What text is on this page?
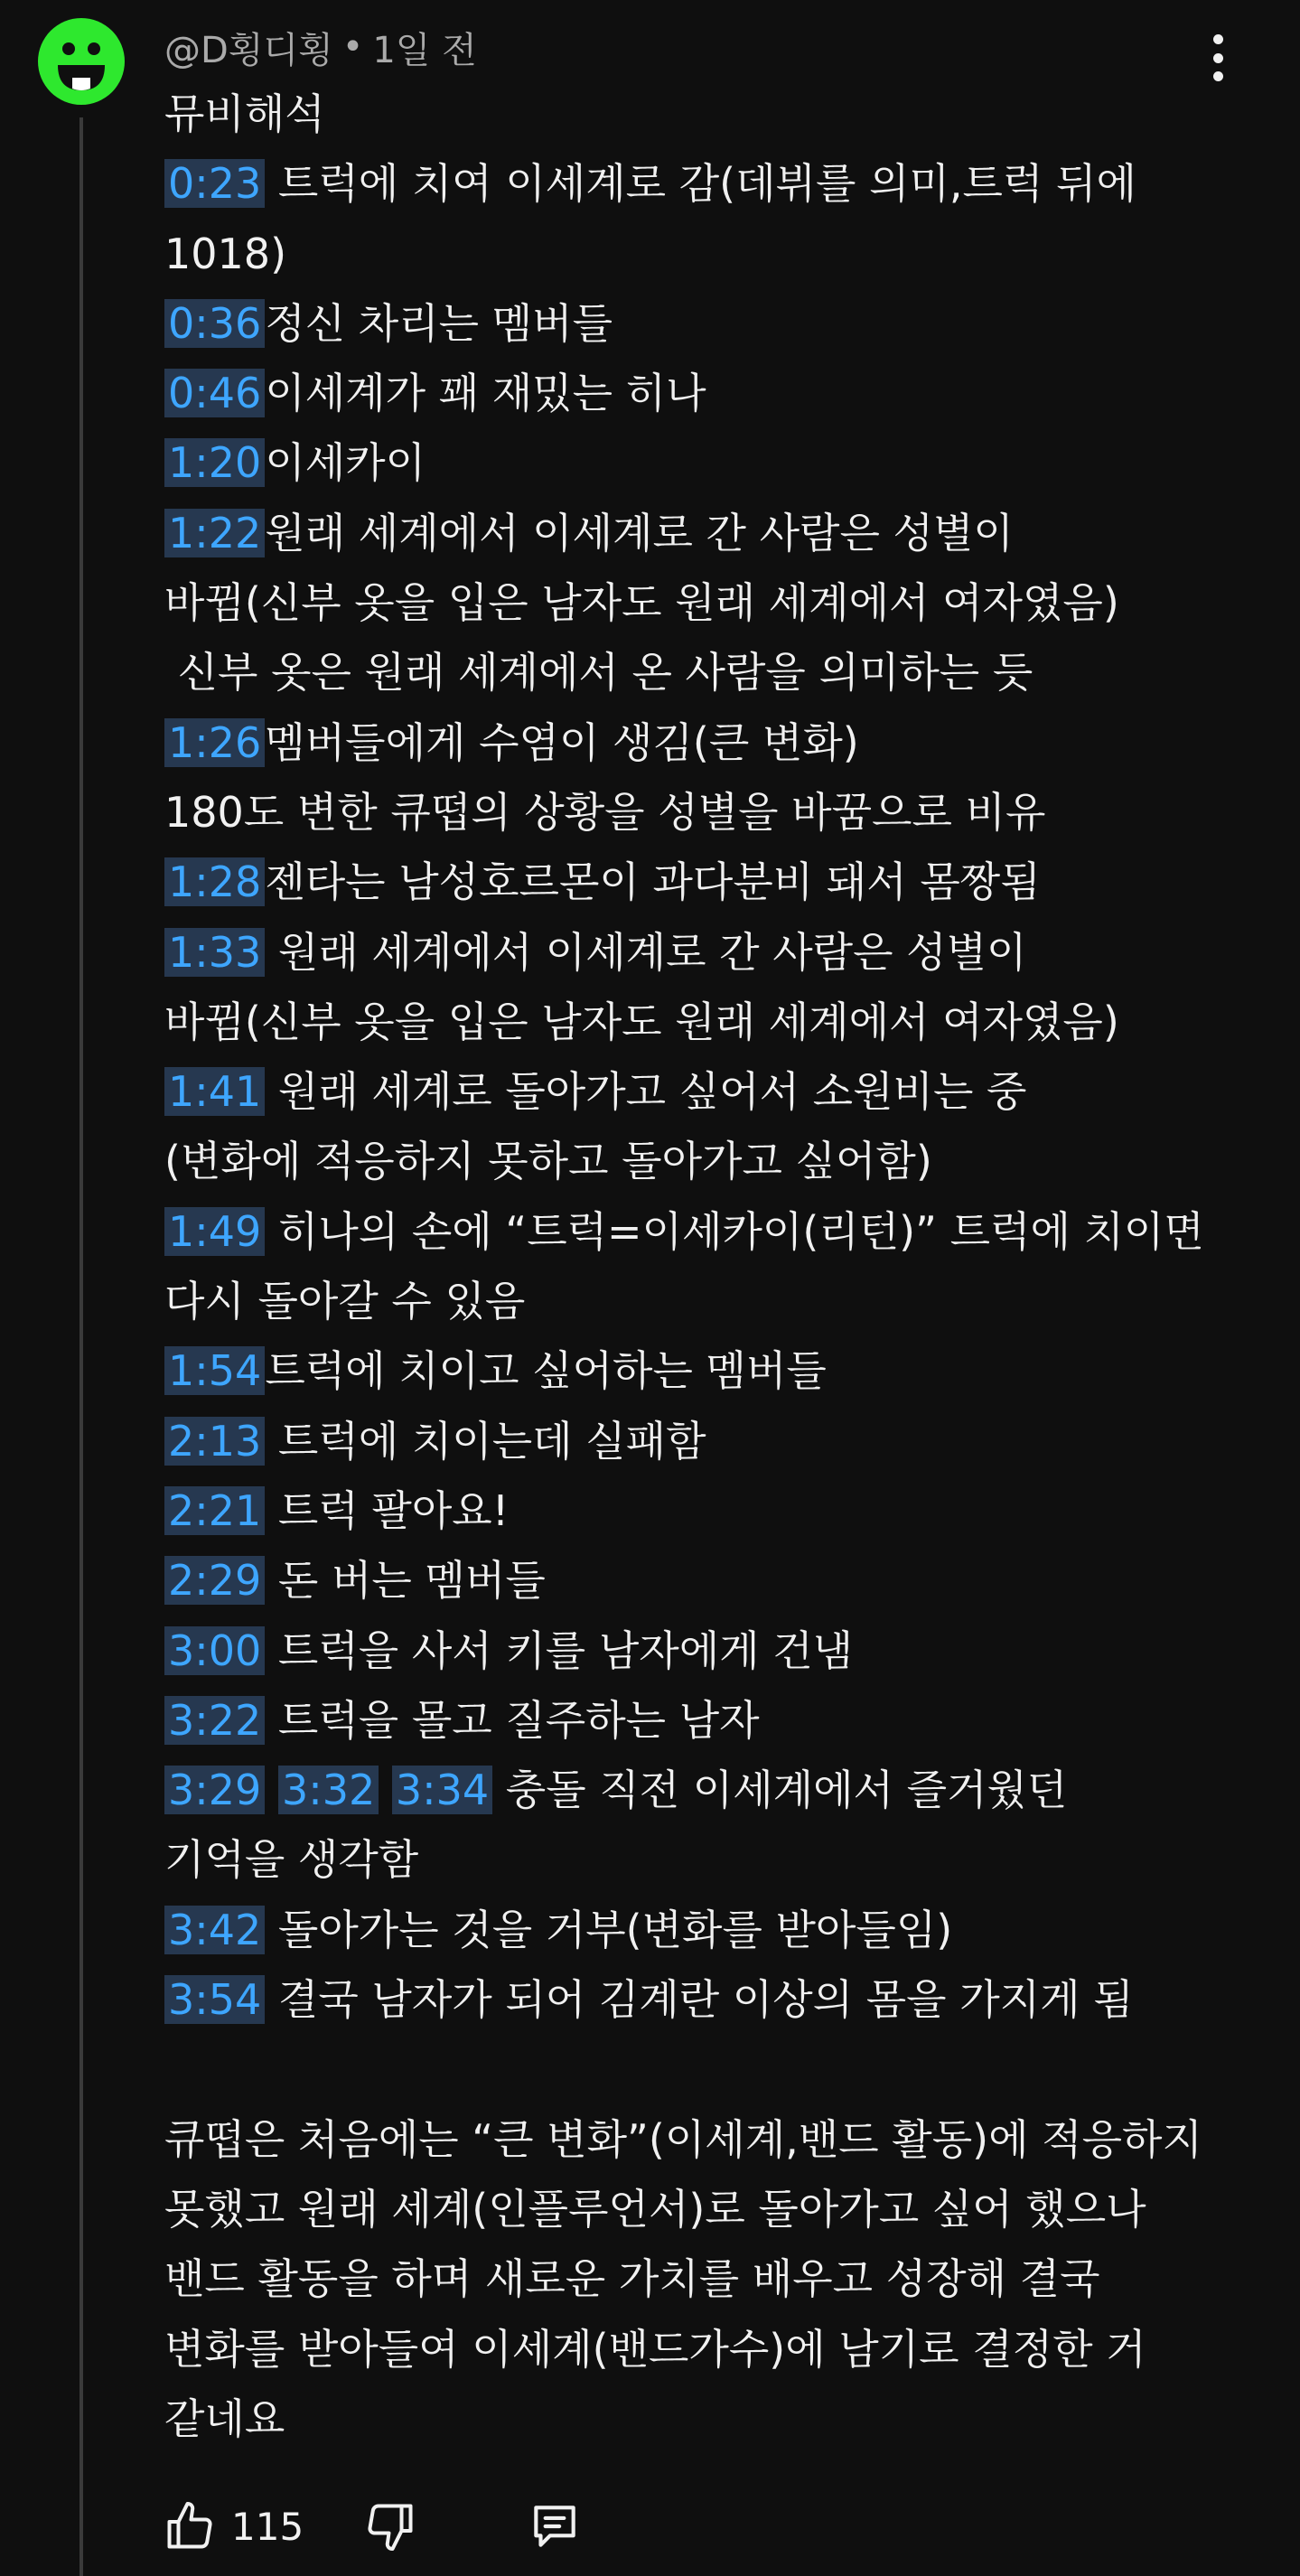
@D횡디횡 • 1일 전
뮤비해석
0:23 트럭에 치여 이세계로 감(데뷔를 의미,트럭 뒤에
1018)
0:36정신 차리는 멤버들
0:46이세계가 꽤 재밌는 히나
1:20이세카이
1:22원래 세계에서 이세계로 간 사람은 성별이
바뀜(신부 옷을 입은 남자도 원래 세계에서 여자였음)
신부 옷은 원래 세계에서 온 사람을 의미하는 듯
1:26멤버들에게 수염이 생김(큰 변화)
180도 변한 큐떱의 상황을 성별을 바꿈으로 비유
1:28젠타는 남성호르몬이 과다분비 돼서 몸짱됨
1:33 원래 세계에서 이세계로 간 사람은 성별이
바뀜(신부 옷을 입은 남자도 원래 세계에서 여자였음)
1:41 원래 세계로 돌아가고 싶어서 소원비는 중
(변화에 적응하지 못하고 돌아가고 싶어함)
1:49 히나의 손에 “트럭=이세카이(리턴)” 트럭에 치이면
다시 돌아갈 수 있음
1:54트럭에 치이고 싶어하는 멤버들
2:13 트럭에 치이는데 실패함
2:21 트럭 팔아요!
2:29 돈 버는 멤버들
3:00 트럭을 사서 키를 남자에게 건냄
3:22 트럭을 몰고 질주하는 남자
3:29 3:32 3:34 충돌 직전 이세계에서 즐거웠던
기억을 생각함
3:42 돌아가는 것을 거부(변화를 받아들임)
3:54 결국 남자가 되어 김계란 이상의 몸을 가지게 됨
큐떱은 처음에는 “큰 변화”(이세계,밴드 활동)에 적응하지
못했고 원래 세계(인플루언서)로 돌아가고 싶어 했으나
밴드 활동을 하며 새로운 가치를 배우고 성장해 결국
변화를 받아들여 이세계(밴드가수)에 남기로 결정한 거
같네요
115
